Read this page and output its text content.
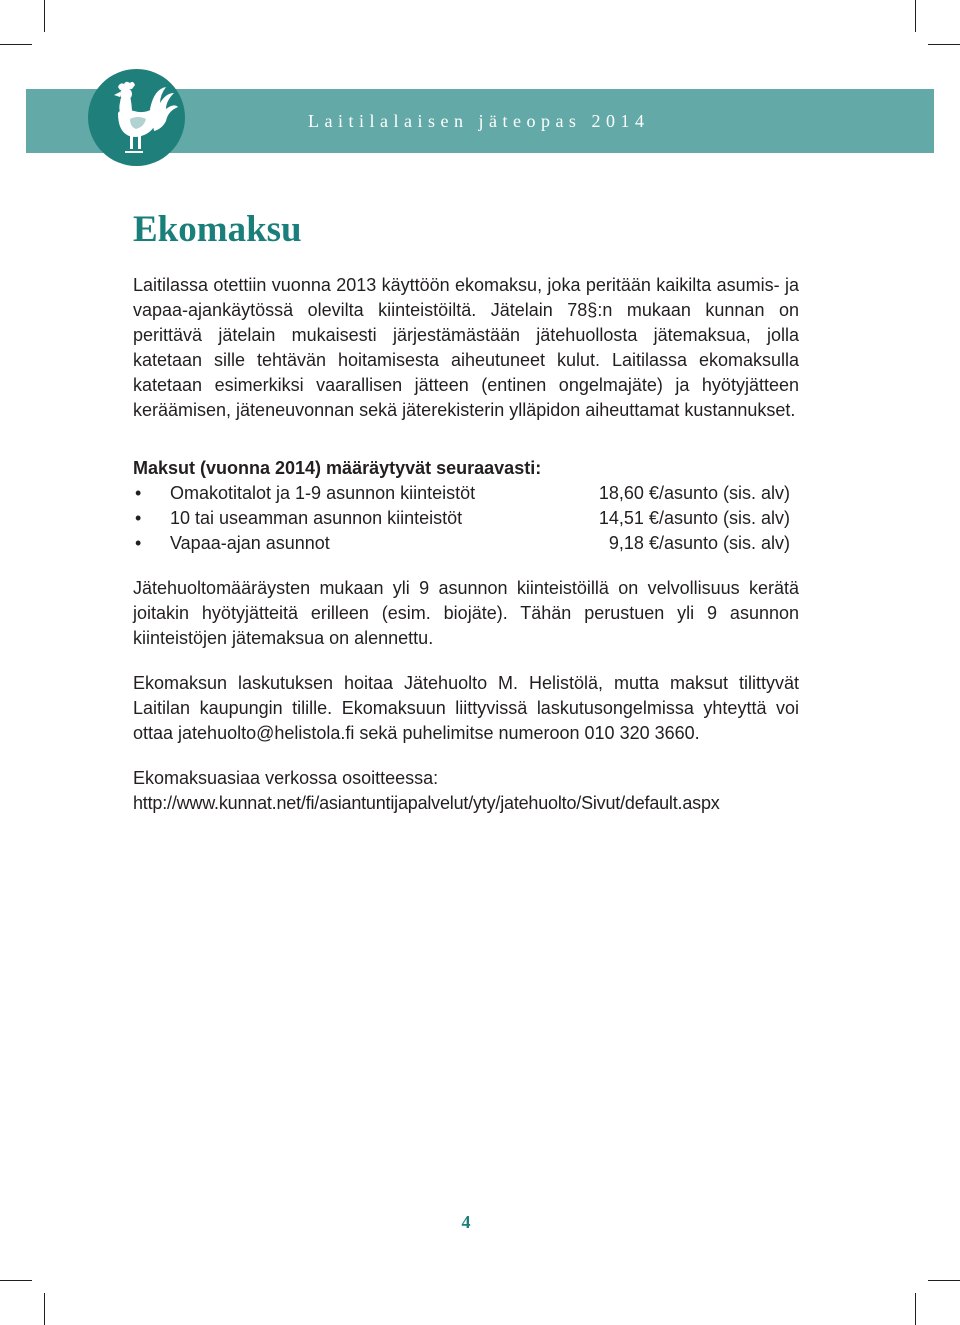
Laitilalaisen jäteopas 2014
Ekomaksu

Laitilassa otettiin vuonna 2013 käyttöön ekomaksu, joka peritään kaikilta asumis- ja vapaa-ajankäytössä olevilta kiinteistöiltä. Jätelain 78§:n mukaan kunnan on perittävä jätelain mukaisesti järjestämästään jätehuollosta jätemaksua, jolla katetaan sille tehtävän hoitamisesta aiheutuneet kulut. Laitilassa ekomaksulla katetaan esimerkiksi vaarallisen jätteen (entinen ongelmajäte) ja hyötyjätteen keräämisen, jäteneuvonnan sekä jäterekisterin ylläpidon aiheuttamat kustannukset.

Maksut (vuonna 2014) määräytyvät seuraavasti:

• Omakotitalot ja 1-9 asunnon kiinteistöt	18,60 €/asunto (sis. alv)
• 10 tai useamman asunnon kiinteistöt	14,51 €/asunto (sis. alv)
• Vapaa-ajan asunnot	9,18 €/asunto (sis. alv)

Jätehuoltomääräysten mukaan yli 9 asunnon kiinteistöillä on velvollisuus kerätä joitakin hyötyjätteitä erilleen (esim. biojäte). Tähän perustuen yli 9 asunnon kiinteistöjen jätemaksua on alennettu.

Ekomaksun laskutuksen hoitaa Jätehuolto M. Helistölä, mutta maksut tilittyvät Laitilan kaupungin tilille. Ekomaksuun liittyvissä laskutusongelmissa yhteyttä voi ottaa jatehuolto@helistola.fi sekä puhelimitse numeroon 010 320 3660.

Ekomaksuasiaa verkossa osoitteessa:

http://www.kunnat.net/fi/asiantuntijapalvelut/yty/jatehuolto/Sivut/default.aspx

4
